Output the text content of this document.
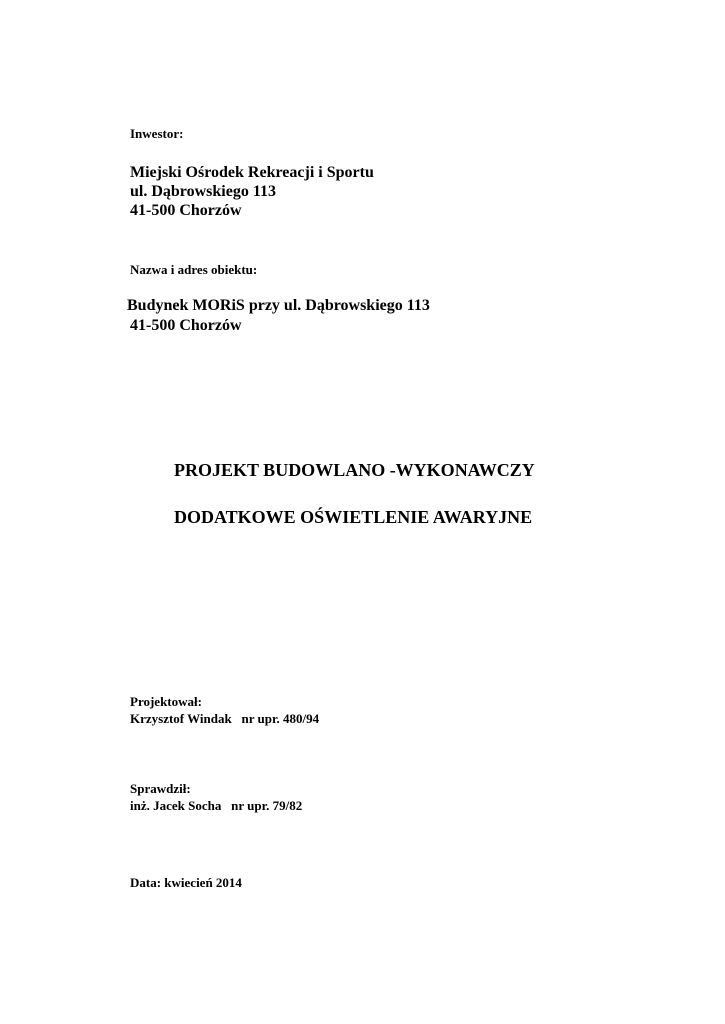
Inwestor:
Miejski Ośrodek Rekreacji i Sportu
ul. Dąbrowskiego 113
41-500 Chorzów
Nazwa i adres obiektu:
Budynek MORiS przy ul. Dąbrowskiego 113
41-500 Chorzów
PROJEKT BUDOWLANO -WYKONAWCZY
DODATKOWE OŚWIETLENIE AWARYJNE
Projektował:
Krzysztof Windak   nr upr. 480/94
Sprawdził:
inż. Jacek Socha   nr upr. 79/82
Data: kwiecień 2014
